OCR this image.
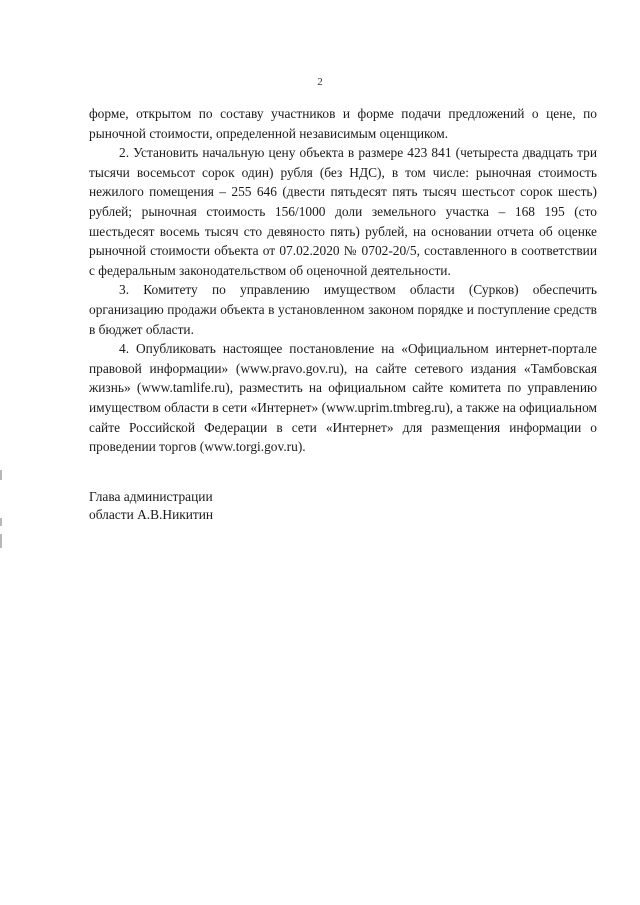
2

форме, открытом по составу участников и форме подачи предложений о цене, по рыночной стоимости, определенной независимым оценщиком.

2. Установить начальную цену объекта в размере 423 841 (четыреста двадцать три тысячи восемьсот сорок один) рубля (без НДС), в том числе: рыночная стоимость нежилого помещения – 255 646 (двести пятьдесят пять тысяч шестьсот сорок шесть) рублей; рыночная стоимость 156/1000 доли земельного участка – 168 195 (сто шестьдесят восемь тысяч сто девяносто пять) рублей, на основании отчета об оценке рыночной стоимости объекта от 07.02.2020 № 0702-20/5, составленного в соответствии с федеральным законодательством об оценочной деятельности.

3. Комитету по управлению имуществом области (Сурков) обеспечить организацию продажи объекта в установленном законом порядке и поступление средств в бюджет области.

4. Опубликовать настоящее постановление на «Официальном интернет-портале правовой информации» (www.pravo.gov.ru), на сайте сетевого издания «Тамбовская жизнь» (www.tamlife.ru), разместить на официальном сайте комитета по управлению имуществом области в сети «Интернет» (www.uprim.tmbreg.ru), а также на официальном сайте Российской Федерации в сети «Интернет» для размещения информации о проведении торгов (www.torgi.gov.ru).

Глава администрации
области А.В.Никитин
